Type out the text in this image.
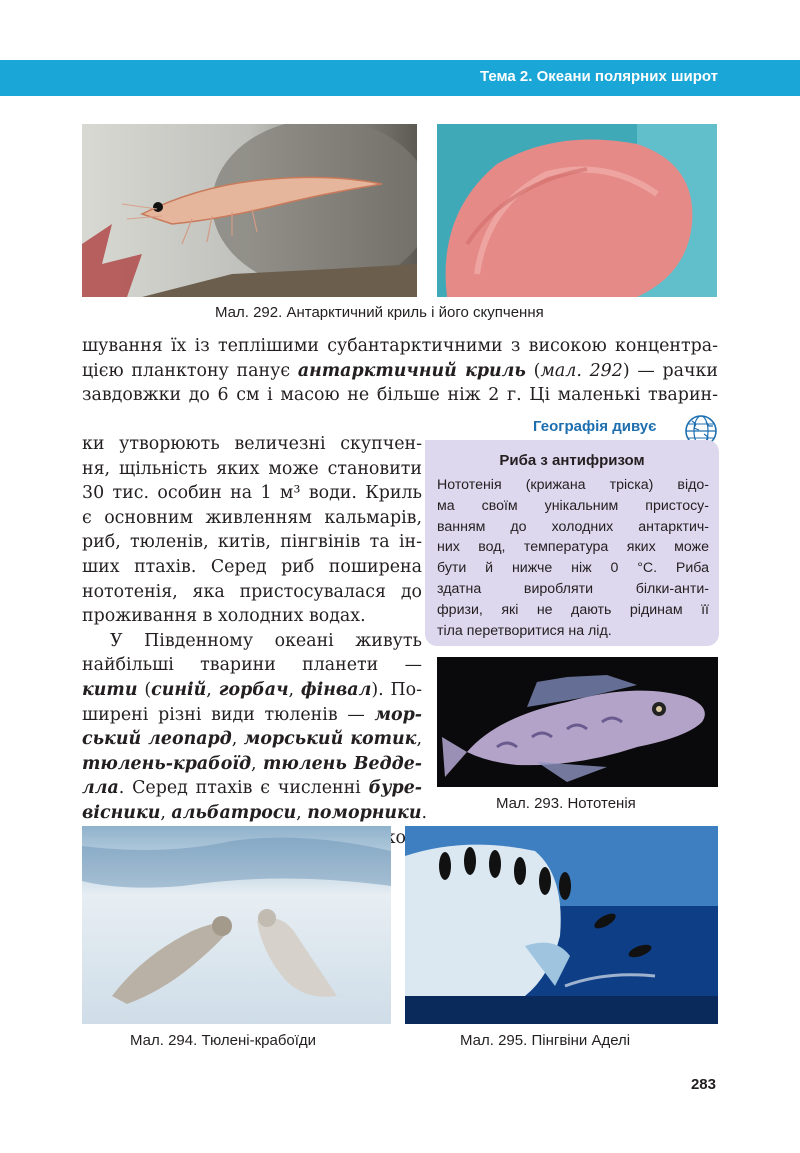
Тема 2. Океани полярних широт
Мал. 292. Антарктичний криль і його скупчення
шування їх із теплішими субантарктичними з високою концентра-
цією планктону панує антарктичний криль (мал. 292) — рачки
завдовжки до 6 см і масою не більше ніж 2 г. Ці маленькі тварин-
ки утворюють величезні скупчен-
ня, щільність яких може становити
30 тис. особин на 1 м³ води. Криль
є основним живленням кальмарів,
риб, тюленів, китів, пінгвінів та ін-
ших птахів. Серед риб поширена
нототенія, яка пристосувалася до
проживання в холодних водах.
У Південному океані живуть
найбільші тварини планети —
кити (синій, горбач, фінвал). По-
ширені різні види тюленів — мор-
ський леопард, морський котик,
тюлень-крабоїд, тюлень Ведде-
лла. Серед птахів є численні буре-
вісники, альбатроси, поморники.
також
Географія дивує
Риба з антифризом
Нототенія (крижана тріска) відо-
ма своїм унікальним пристосу-
ванням до холодних антарктич-
них вод, температура яких може
бути й нижче ніж 0 °С. Риба
здатна виробляти білки-анти-
фризи, які не дають рідинам її
тіла перетворитися на лід.
Мал. 293. Нототенія
Мал. 294. Тюлені-крабоїди	Мал. 295. Пінгвіни Аделі
283
